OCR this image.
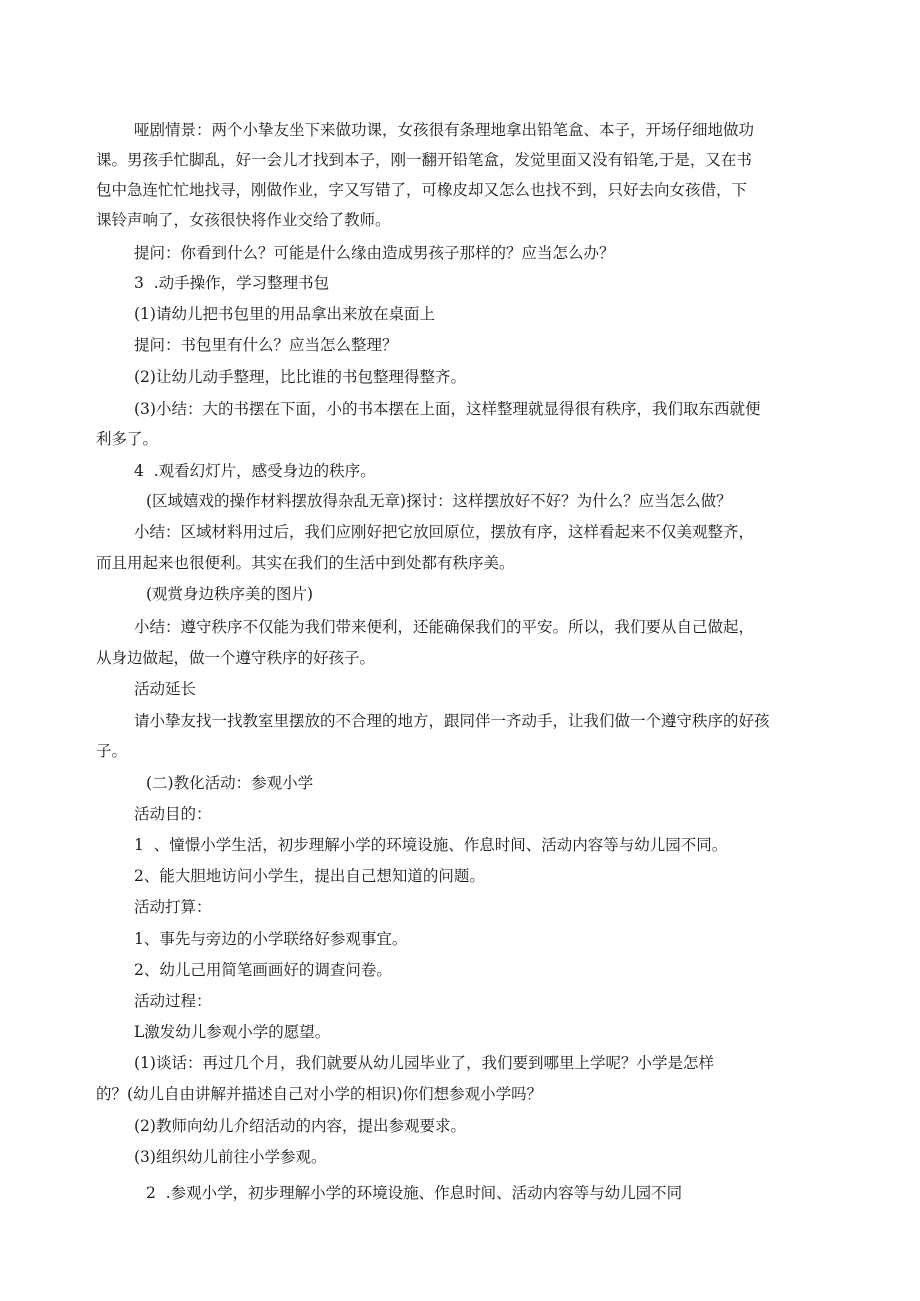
哑剧情景：两个小挚友坐下来做功课，女孩很有条理地拿出铅笔盒、本子，开场仔细地做功
课。男孩手忙脚乱，好一会儿才找到本子，刚一翻开铅笔盒，发觉里面又没有铅笔,于是，又在书
包中急连忙忙地找寻，刚做作业，字又写错了，可橡皮却又怎么也找不到，只好去向女孩借，下
课铃声响了，女孩很快将作业交给了教师。
提问：你看到什么？可能是什么缘由造成男孩子那样的？应当怎么办？
3  .动手操作，学习整理书包
(1)请幼儿把书包里的用品拿出来放在桌面上
提问：书包里有什么？应当怎么整理？
(2)让幼儿动手整理，比比谁的书包整理得整齐。
(3)小结：大的书摆在下面，小的书本摆在上面，这样整理就显得很有秩序，我们取东西就便
利多了。
4  .观看幻灯片，感受身边的秩序。
(区域嬉戏的操作材料摆放得杂乱无章)探讨：这样摆放好不好？为什么？应当怎么做？
小结：区域材料用过后，我们应刚好把它放回原位，摆放有序，这样看起来不仅美观整齐，
而且用起来也很便利。其实在我们的生活中到处都有秩序美。
(观赏身边秩序美的图片)
小结：遵守秩序不仅能为我们带来便利，还能确保我们的平安。所以，我们要从自己做起，
从身边做起，做一个遵守秩序的好孩子。
活动延长
请小挚友找一找教室里摆放的不合理的地方，跟同伴一齐动手，让我们做一个遵守秩序的好孩
子。
(二)教化活动：参观小学
活动目的：
1  、憧憬小学生活，初步理解小学的环境设施、作息时间、活动内容等与幼儿园不同。
2、能大胆地访问小学生，提出自己想知道的问题。
活动打算：
1、事先与旁边的小学联络好参观事宜。
2、幼儿己用简笔画画好的调查问卷。
活动过程：
L激发幼儿参观小学的愿望。
(1)谈话：再过几个月，我们就要从幼儿园毕业了，我们要到哪里上学呢？小学是怎样
的？(幼儿自由讲解并描述自己对小学的相识)你们想参观小学吗？
(2)教师向幼儿介绍活动的内容，提出参观要求。
(3)组织幼儿前往小学参观。
2  .参观小学，初步理解小学的环境设施、作息时间、活动内容等与幼儿园不同
